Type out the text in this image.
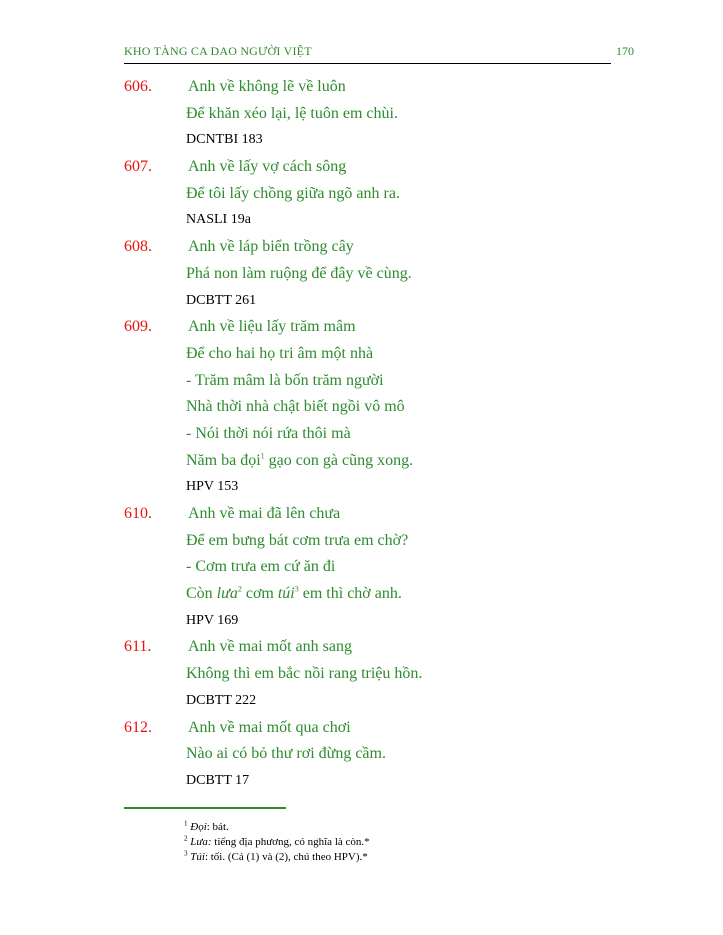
KHO TÀNG CA DAO NGƯỜI VIỆT	170
606. Anh về không lẽ về luôn
Để khăn xéo lại, lệ tuôn em chùi.
DCNTBI 183
607. Anh về lấy vợ cách sông
Để tôi lấy chồng giữa ngõ anh ra.
NASLI 19a
608. Anh về láp biển trồng cây
Phá non làm ruộng để đây về cùng.
DCBTT 261
609. Anh về liệu lấy trăm mâm
Để cho hai họ tri âm một nhà
- Trăm mâm là bốn trăm người
Nhà thời nhà chật biết ngồi vô mô
- Nói thời nói rứa thôi mà
Năm ba đọi$^1$ gạo con gà cũng xong.
HPV 153
610. Anh về mai đã lên chưa
Để em bưng bát cơm trưa em chờ?
- Cơm trưa em cứ ăn đi
Còn lưa$^2$ cơm túi$^3$ em thì chờ anh.
HPV 169
611. Anh về mai mốt anh sang
Không thì em bắc nồi rang triệu hồn.
DCBTT 222
612. Anh về mai mốt qua chơi
Nào ai có bỏ thư rơi đừng cầm.
DCBTT 17
$^1$ Đọi: bát.
$^2$ Lưa: tiếng địa phương, có nghĩa là còn.*
$^3$ Túi: tối. (Cả (1) và (2), chú theo HPV).*
